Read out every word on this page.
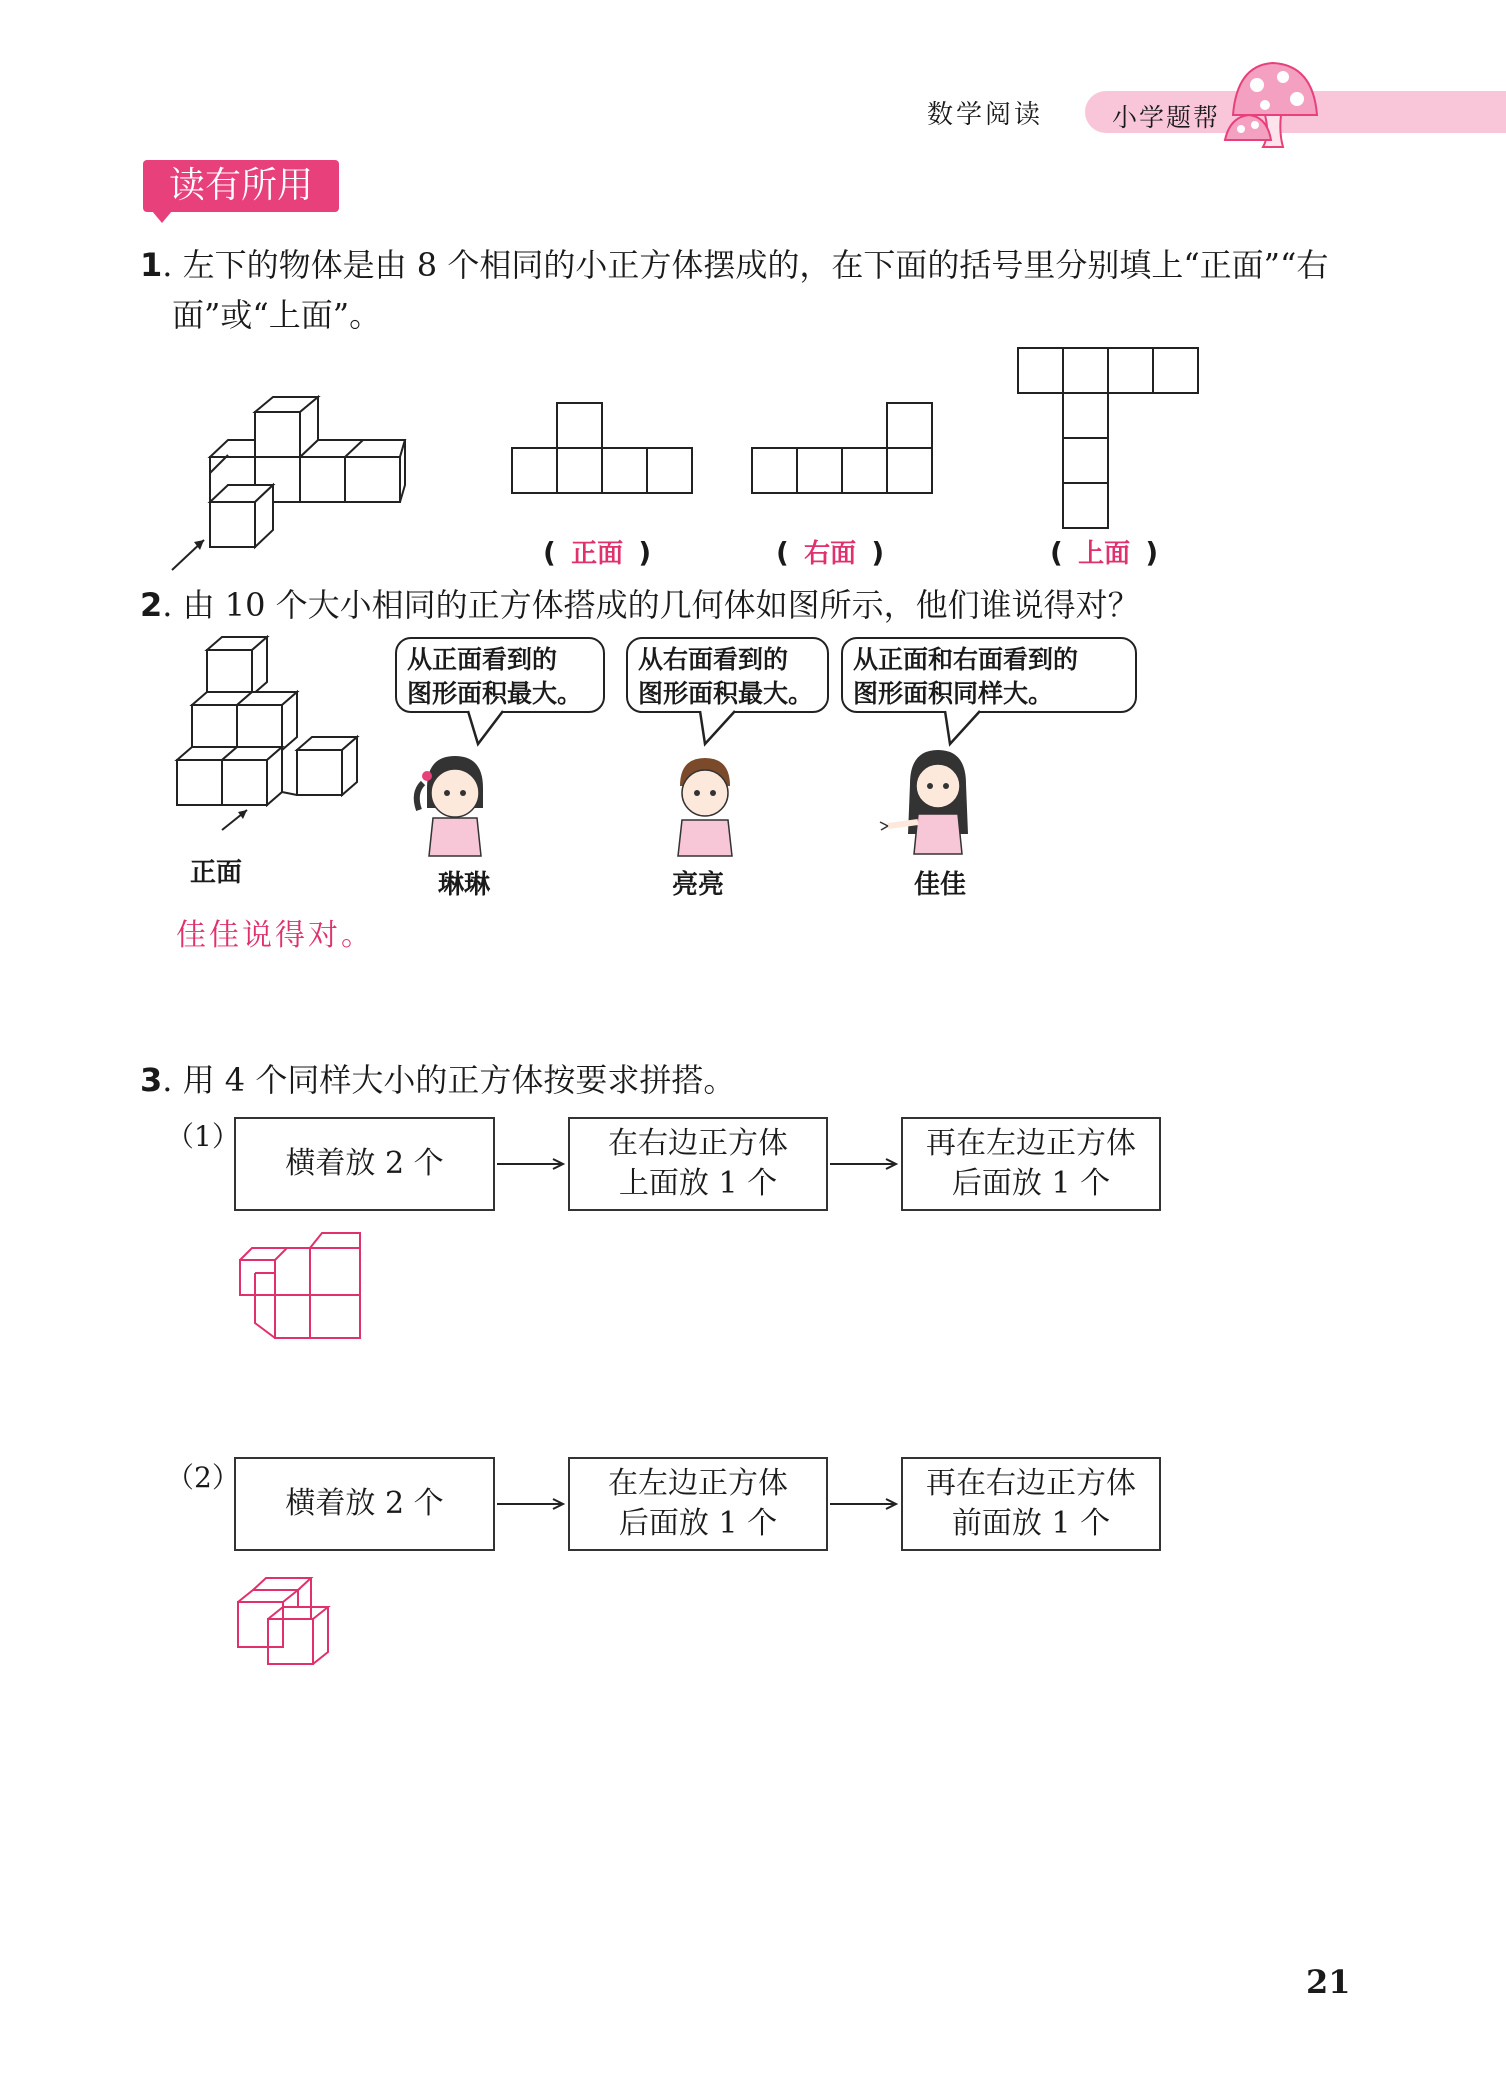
数学阅读	小学题帮
读有所用
1. 左下的物体是由 8 个相同的小正方体摆成的，在下面的括号里分别填上“正面”“右
面”或“上面”。
( 正面 )	( 右面 )	( 上面 )
2. 由 10 个大小相同的正方体搭成的几何体如图所示，他们谁说得对？
正面
从正面看到的
图形面积最大。
从右面看到的
图形面积最大。
从正面和右面看到的
图形面积同样大。
琳琳	亮亮	佳佳
佳佳说得对。
3. 用 4 个同样大小的正方体按要求拼搭。
（1）
横着放 2 个
在右边正方体
上面放 1 个
再在左边正方体
后面放 1 个
（2）
横着放 2 个
在左边正方体
后面放 1 个
再在右边正方体
前面放 1 个
21
